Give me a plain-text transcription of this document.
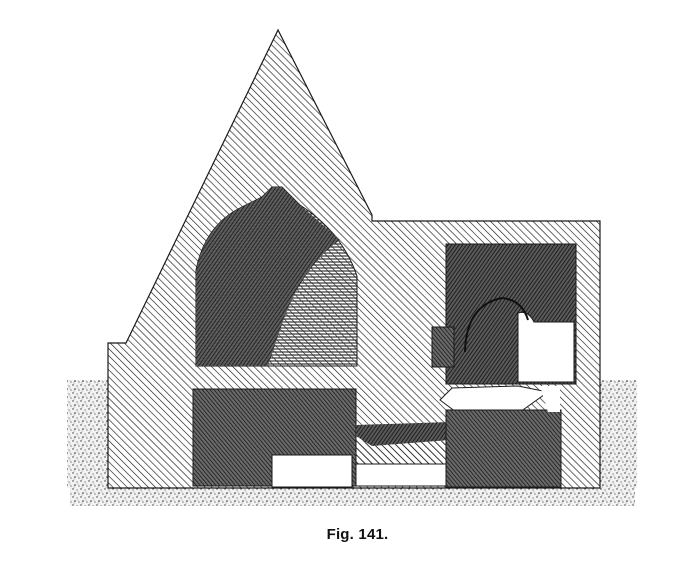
Fig. 141.
